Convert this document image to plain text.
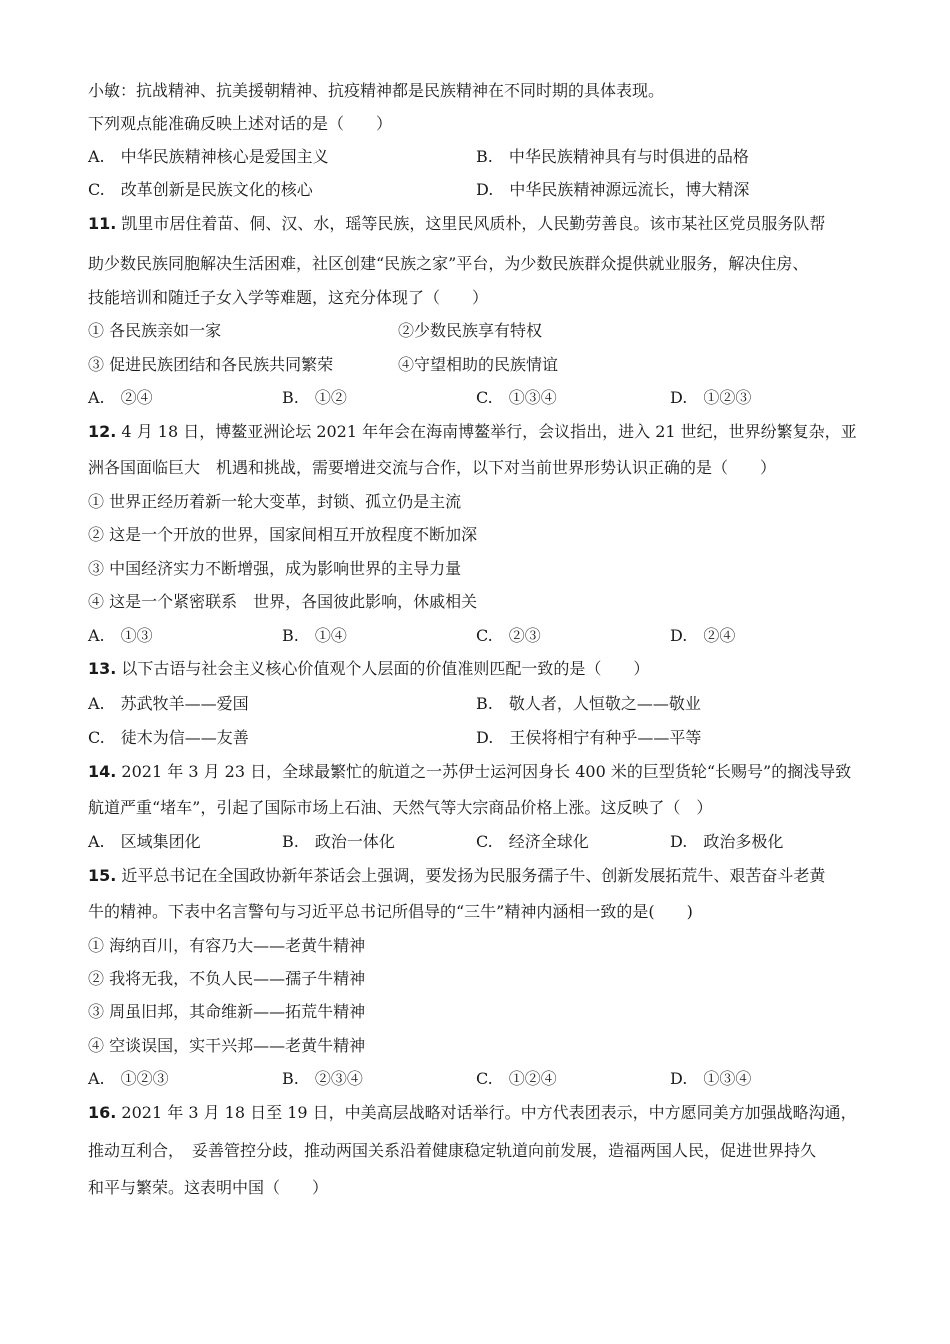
小敏：抗战精神、抗美援朝精神、抗疫精神都是民族精神在不同时期的具体表现。
下列观点能准确反映上述对话的是（　　）
A.　中华民族精神核心是爱国主义	B.　中华民族精神具有与时俱进的品格
C.　改革创新是民族文化的核心	D.　中华民族精神源远流长，博大精深
11. 凯里市居住着苗、侗、汉、水，瑶等民族，这里民风质朴，人民勤劳善良。该市某社区党员服务队帮
助少数民族同胞解决生活困难，社区创建“民族之家”平台，为少数民族群众提供就业服务，解决住房、
技能培训和随迁子女入学等难题，这充分体现了（　　）
① 各民族亲如一家	②少数民族享有特权
③ 促进民族团结和各民族共同繁荣	④守望相助的民族情谊
A.　②④	B.　①②	C.　①③④	D.　①②③
12. 4 月 18 日，博鳌亚洲论坛 2021 年年会在海南博鳌举行，会议指出，进入 21 世纪，世界纷繁复杂，亚
洲各国面临巨大　机遇和挑战，需要增进交流与合作，以下对当前世界形势认识正确的是（　　）
① 世界正经历着新一轮大变革，封锁、孤立仍是主流
② 这是一个开放的世界，国家间相互开放程度不断加深
③ 中国经济实力不断增强，成为影响世界的主导力量
④ 这是一个紧密联系　世界，各国彼此影响，休戚相关
A.　①③	B.　①④	C.　②③	D.　②④
13. 以下古语与社会主义核心价值观个人层面的价值准则匹配一致的是（　　）
A.　苏武牧羊——爱国	B.　敬人者，人恒敬之——敬业
C.　徒木为信——友善	D.　王侯将相宁有种乎——平等
14. 2021 年 3 月 23 日，全球最繁忙的航道之一苏伊士运河因身长 400 米的巨型货轮“长赐号”的搁浅导致
航道严重“堵车”，引起了国际市场上石油、天然气等大宗商品价格上涨。这反映了（　）
A.　区域集团化	B.　政治一体化	C.　经济全球化	D.　政治多极化
15. 近平总书记在全国政协新年茶话会上强调，要发扬为民服务孺子牛、创新发展拓荒牛、艰苦奋斗老黄
牛的精神。下表中名言警句与习近平总书记所倡导的“三牛”精神内涵相一致的是(　　)
① 海纳百川，有容乃大——老黄牛精神
② 我将无我，不负人民——孺子牛精神
③ 周虽旧邦，其命维新——拓荒牛精神
④ 空谈误国，实干兴邦——老黄牛精神
A.　①②③	B.　②③④	C.　①②④	D.　①③④
16. 2021 年 3 月 18 日至 19 日，中美高层战略对话举行。中方代表团表示，中方愿同美方加强战略沟通，
推动互利合，　妥善管控分歧，推动两国关系沿着健康稳定轨道向前发展，造福两国人民，促进世界持久
和平与繁荣。这表明中国（　　）
